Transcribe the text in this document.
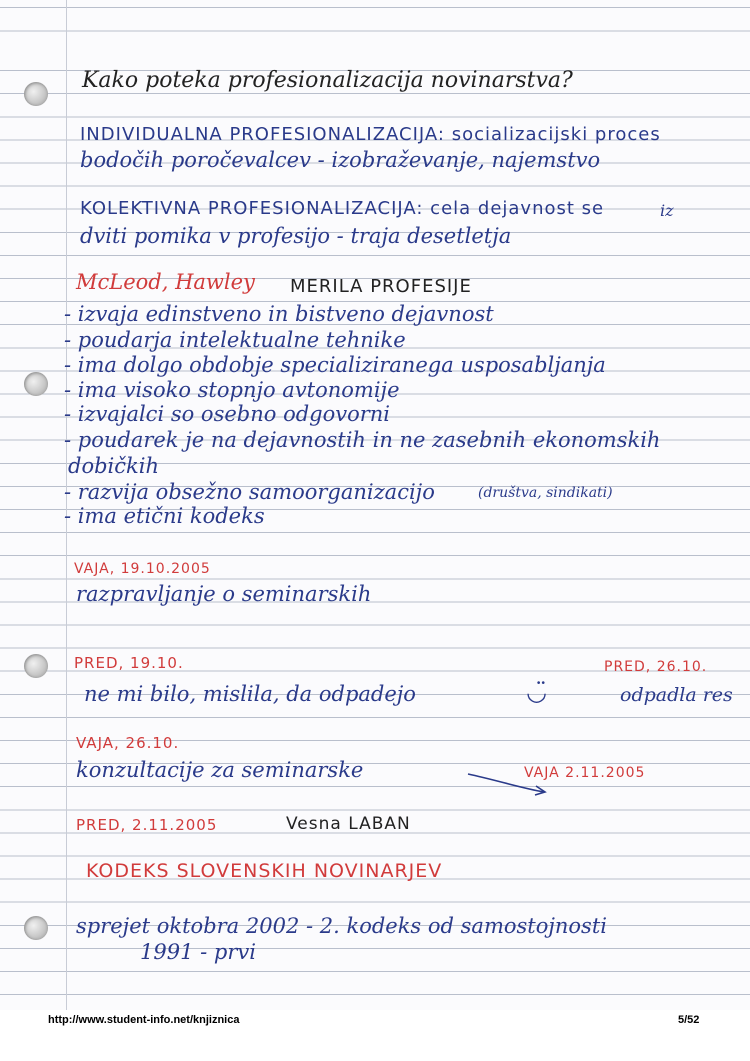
Kako poteka profesionalizacija novinarstva?
INDIVIDUALNA PROFESIONALIZACIJA: socializacijski proces
bodočih poročevalcev - izobraževanje, najemstvo
KOLEKTIVNA PROFESIONALIZACIJA: cela dejavnost se	iz
dviti pomika v profesijo - traja desetletja
McLeod, Hawley MERILA PROFESIJE
- izvaja edinstveno in bistveno dejavnost
- poudarja intelektualne tehnike
- ima dolgo obdobje specializiranega usposabljanja
- ima visoko stopnjo avtonomije
- izvajalci so osebno odgovorni
- poudarek je na dejavnostih in ne zasebnih ekonomskih
dobičkih
- razvija obsežno samoorganizacijo	(društva, sindikati)
- ima etični kodeks
VAJA, 19.10.2005
razpravljanje o seminarskih
PRED, 19.10.	PRED, 26.10.
ne mi bilo, mislila, da odpadejo	◡̈	odpadla res
VAJA, 26.10.
konzultacije za seminarske	VAJA 2.11.2005
PRED, 2.11.2005	Vesna LABAN
KODEKS SLOVENSKIH NOVINARJEV
sprejet oktobra 2002 - 2. kodeks od samostojnosti
1991 - prvi
http://www.student-info.net/knjiznica	5/52
